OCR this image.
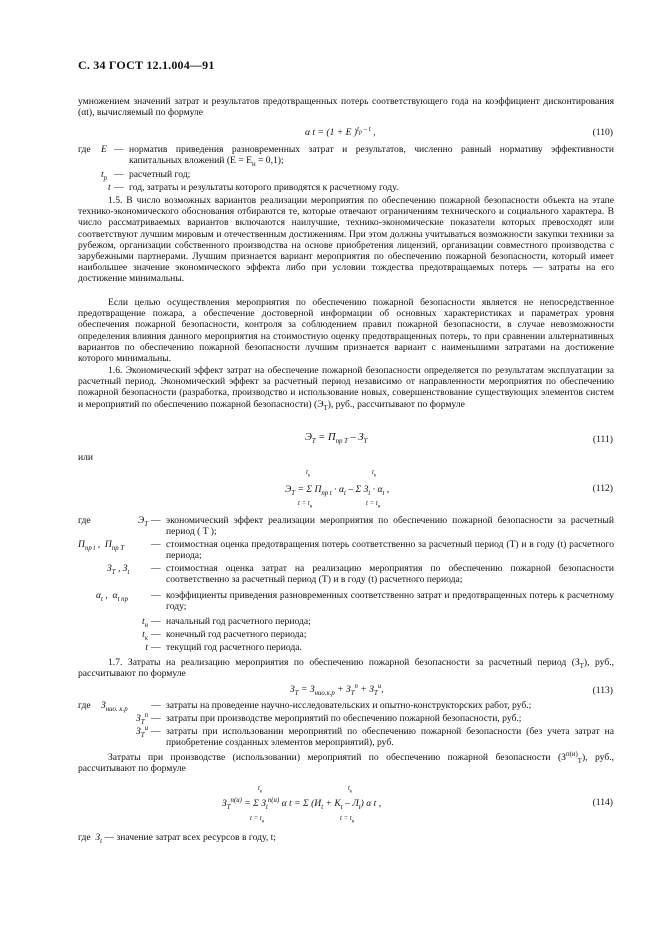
С. 34 ГОСТ 12.1.004—91
умножением значений затрат и результатов предотвращенных потерь соответствующего года на коэффициент дисконтирования (αt), вычисляемый по формуле
α t = (1 + E )$^{t_р - t}$ ,	(110)
где E — норматив приведения разновременных затрат и результатов, численно равный нормативу эффективности капитальных вложений $(E = E_н = 0,1)$;
$t_р$ — расчетный год;
t — год, затраты и результаты которого приводятся к расчетному году.
1.5. В число возможных вариантов реализации мероприятия по обеспечению пожарной безопасности объекта на этапе технико-экономического обоснования отбираются те, которые отвечают ограничениям технического и социального характера. В число рассматриваемых вариантов включаются наилучшие, технико-экономические показатели которых превосходят или соответствуют лучшим мировым и отечественным достижениям. При этом должны учитываться возможности закупки техники за рубежом, организации собственного производства на основе приобретения лицензий, организации совместного производства с зарубежными партнерами. Лучшим признается вариант мероприятия по обеспечению пожарной безопасности, который имеет наибольшее значение экономического эффекта либо при условии тождества предотвращаемых потерь — затраты на его достижение минимальны.
Если целью осуществления мероприятия по обеспечению пожарной безопасности является не непосредственное предотвращение пожара, а обеспечение достоверной информации об основных характеристиках и параметрах уровня обеспечения пожарной безопасности, контроля за соблюдением правил пожарной безопасности, в случае невозможности определения влияния данного мероприятия на стоимостную оценку предотвращенных потерь, то при сравнении альтернативных вариантов по обеспечению пожарной безопасности лучшим признается вариант с наименьшими затратами на достижение которого минимальны.
1.6. Экономический эффект затрат на обеспечение пожарной безопасности определяется по результатам эксплуатации за расчетный период. Экономический эффект за расчетный период независимо от направленности мероприятия по обеспечению пожарной безопасности (разработка, производство и использование новых, совершенствование существующих элементов систем и мероприятий по обеспечению пожарной безопасности) $(Э_T)$, руб., рассчитывают по формуле
$Э_T = П_{пр T} - З_T$	(111)
или
$t_к$	$t_к$
$Э_T = \Sigma$ $П_{пр t} \cdot \alpha_t - \Sigma$ $З_t \cdot \alpha_t$ ,
$t = t_н$	$t = t_н$
(112)
где	$Э_T$ — экономический эффект реализации мероприятия по обеспечению пожарной безопасности за расчетный период ( T );
$П_{пр t}$ ,  $П_{пр T}$	— стоимостная оценка предотвращения потерь соответственно за расчетный период (T) и в году (t) расчетного периода;
$З_T$ , $З_t$ — стоимостная оценка затрат на реализацию мероприятия по обеспечению пожарной безопасности соответственно за расчетный период (T) и в году (t) расчетного периода;
$\alpha_t$ ,  $\alpha_{t пр}$ — коэффициенты приведения разновременных соответственно затрат и предотвращенных потерь к расчетному году;
$t_н$ — начальный год расчетного периода;
$t_к$ — конечный год расчетного периода;
t — текущий год расчетного периода.
1.7. Затраты на реализацию мероприятия по обеспечению пожарной безопасности за расчетный период $(З_T)$, руб., рассчитывают по формуле
$З_T = З_{нио.к.р} + З_T^п + З_T^и$,	(113)
где $З_{нио. к.р}$ — затраты на проведение научно-исследовательских и опытно-конструкторских работ, руб.;
$З_T^п$ — затраты при производстве мероприятий по обеспечению пожарной безопасности, руб.;
$З_T^и$ — затраты при использовании мероприятий по обеспечению пожарной безопасности (без учета затрат на приобретение созданных элементов мероприятий), руб.
Затраты при производстве (использовании) мероприятий по обеспечению пожарной безопасности $(З^{п(и)}_T)$, руб., рассчитывают по формуле
$t_к$	$t_к$
$З_T^{п(и)} = \Sigma$ $З_t^{п(и)}$ α t = Σ $(И_t + К_t - Л_t)$ α t ,
$t = t_н$	$t = t_н$
(114)
где $З_t$ — значение затрат всех ресурсов в году, t;
